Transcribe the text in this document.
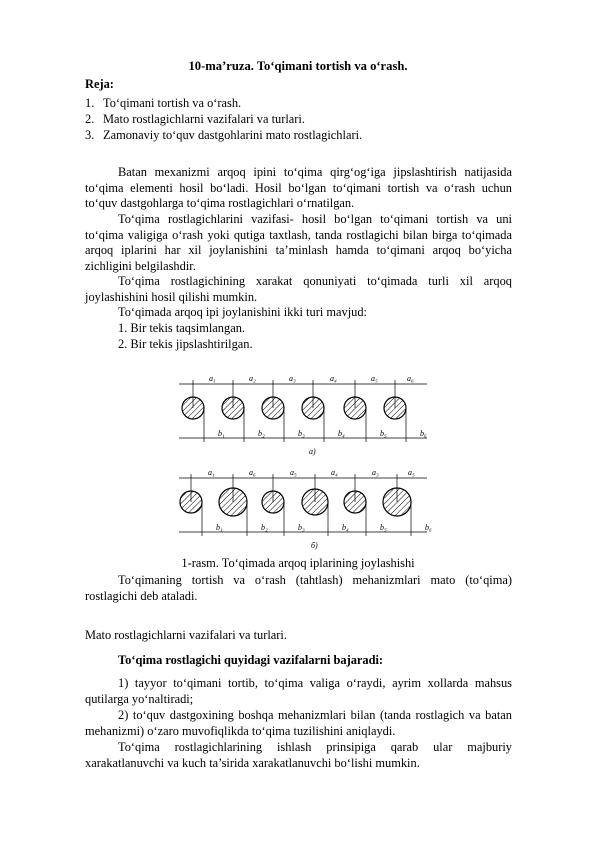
10-ma’ruza. To‘qimani tortish va o‘rash.
Reja:
1. To‘qimani tortish va o‘rash.
2. Mato rostlagichlarni vazifalari va turlari.
3. Zamonaviy to‘quv dastgohlarini mato rostlagichlari.
Batan mexanizmi arqoq ipini to‘qima qirg‘og‘iga jipslashtirish natijasida
to‘qima elementi hosil bo‘ladi. Hosil bo‘lgan to‘qimani tortish va o‘rash uchun
to‘quv dastgohlarga to‘qima rostlagichlari o‘rnatilgan.
To‘qima rostlagichlarini vazifasi- hosil bo‘lgan to‘qimani tortish va uni
to‘qima valigiga o‘rash yoki qutiga taxtlash, tanda rostlagichi bilan birga to‘qimada
arqoq iplarini har xil joylanishini ta’minlash hamda to‘qimani arqoq bo‘yicha
zichligini belgilashdir.
To‘qima rostlagichining xarakat qonuniyati to‘qimada turli xil arqoq
joylashishini hosil qilishi mumkin.
To‘qimada arqoq ipi joylanishini ikki turi mavjud:
1. Bir tekis taqsimlangan.
2. Bir tekis jipslashtirilgan.
a₁	a₂	a₃	a₄	a₅	a₆
b₁	b₂	b₃	b₄	b₅	b₆
a)
a₁	a₆	a₅	a₄	a₃	a₅
b₁	b₂	b₃	b₄	b₅	b₆
б)
1-rasm. To‘qimada arqoq iplarining joylashishi
To‘qimaning tortish va o‘rash (tahtlash) mehanizmlari mato (to‘qima)
rostlagichi deb ataladi.
Mato rostlagichlarni vazifalari va turlari.
To‘qima rostlagichi quyidagi vazifalarni bajaradi:
1) tayyor to‘qimani tortib, to‘qima valiga o‘raydi, ayrim xollarda mahsus
qutilarga yo‘naltiradi;
2) to‘quv dastgoxining boshqa mehanizmlari bilan (tanda rostlagich va batan
mehanizmi) o‘zaro muvofiqlikda to‘qima tuzilishini aniqlaydi.
To‘qima rostlagichlarining ishlash prinsipiga qarab ular majburiy
xarakatlanuvchi va kuch ta’sirida xarakatlanuvchi bo‘lishi mumkin.
